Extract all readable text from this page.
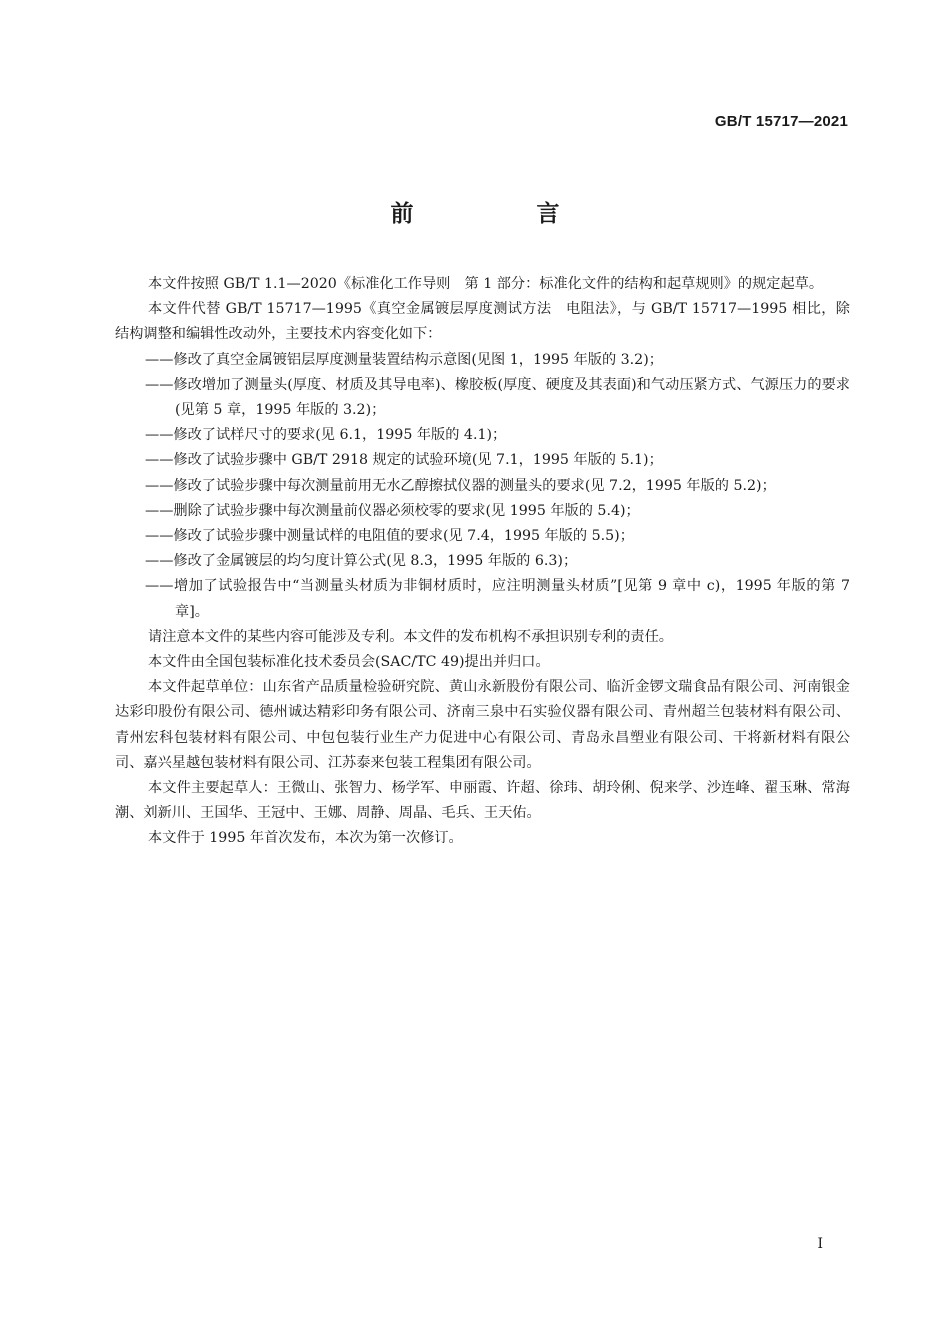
GB/T 15717—2021
前　言

本文件按照 GB/T 1.1—2020《标准化工作导则　第 1 部分：标准化文件的结构和起草规则》的规定起草。

本文件代替 GB/T 15717—1995《真空金属镀层厚度测试方法　电阻法》，与 GB/T 15717—1995 相比，除结构调整和编辑性改动外，主要技术内容变化如下：

——修改了真空金属镀铝层厚度测量装置结构示意图(见图 1，1995 年版的 3.2)；

——修改增加了测量头(厚度、材质及其导电率)、橡胶板(厚度、硬度及其表面)和气动压紧方式、气源压力的要求(见第 5 章，1995 年版的 3.2)；

——修改了试样尺寸的要求(见 6.1，1995 年版的 4.1)；

——修改了试验步骤中 GB/T 2918 规定的试验环境(见 7.1，1995 年版的 5.1)；

——修改了试验步骤中每次测量前用无水乙醇擦拭仪器的测量头的要求(见 7.2，1995 年版的 5.2)；

——删除了试验步骤中每次测量前仪器必须校零的要求(见 1995 年版的 5.4)；

——修改了试验步骤中测量试样的电阻值的要求(见 7.4，1995 年版的 5.5)；

——修改了金属镀层的均匀度计算公式(见 8.3，1995 年版的 6.3)；

——增加了试验报告中“当测量头材质为非铜材质时，应注明测量头材质”[见第 9 章中 c)，1995 年版的第 7 章]。

请注意本文件的某些内容可能涉及专利。本文件的发布机构不承担识别专利的责任。

本文件由全国包装标准化技术委员会(SAC/TC 49)提出并归口。

本文件起草单位：山东省产品质量检验研究院、黄山永新股份有限公司、临沂金锣文瑞食品有限公司、河南银金达彩印股份有限公司、德州诚达精彩印务有限公司、济南三泉中石实验仪器有限公司、青州超兰包装材料有限公司、青州宏科包装材料有限公司、中包包装行业生产力促进中心有限公司、青岛永昌塑业有限公司、干将新材料有限公司、嘉兴星越包装材料有限公司、江苏泰来包装工程集团有限公司。

本文件主要起草人：王微山、张智力、杨学军、申丽霞、许超、徐玮、胡玲俐、倪来学、沙连峰、翟玉琳、常海潮、刘新川、王国华、王冠中、王娜、周静、周晶、毛兵、王天佑。

本文件于 1995 年首次发布，本次为第一次修订。

I
